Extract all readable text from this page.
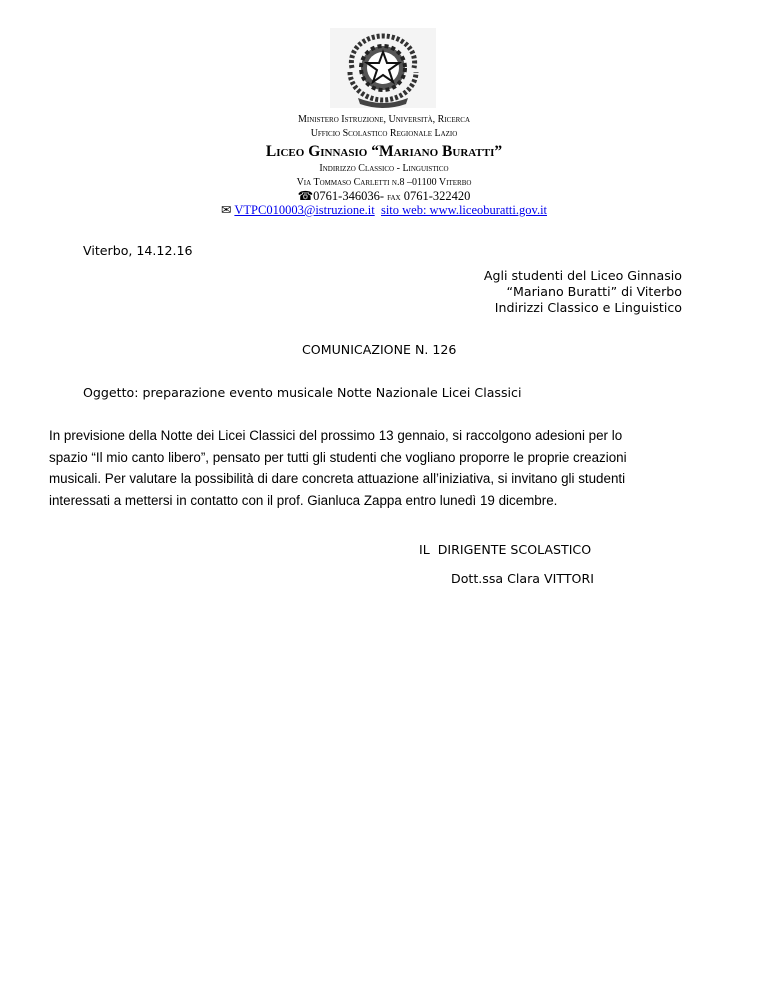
Ministero Istruzione, Università, Ricerca
Ufficio Scolastico Regionale Lazio
Liceo Ginnasio “Mariano Buratti”
Indirizzo Classico - Linguistico
Via Tommaso Carletti n.8 –01100 Viterbo
☎0761-346036- fax 0761-322420
✉ VTPC010003@istruzione.it sito web: www.liceoburatti.gov.it
Viterbo, 14.12.16
Agli studenti del Liceo Ginnasio
“Mariano Buratti” di Viterbo
Indirizzi Classico e Linguistico
COMUNICAZIONE N. 126
Oggetto: preparazione evento musicale Notte Nazionale Licei Classici
In previsione della Notte dei Licei Classici del prossimo 13 gennaio, si raccolgono adesioni per lo
spazio “Il mio canto libero”, pensato per tutti gli studenti che vogliano proporre le proprie creazioni
musicali. Per valutare la possibilità di dare concreta attuazione all’iniziativa, si invitano gli studenti
interessati a mettersi in contatto con il prof. Gianluca Zappa entro lunedì 19 dicembre.
IL  DIRIGENTE SCOLASTICO
Dott.ssa Clara VITTORI
